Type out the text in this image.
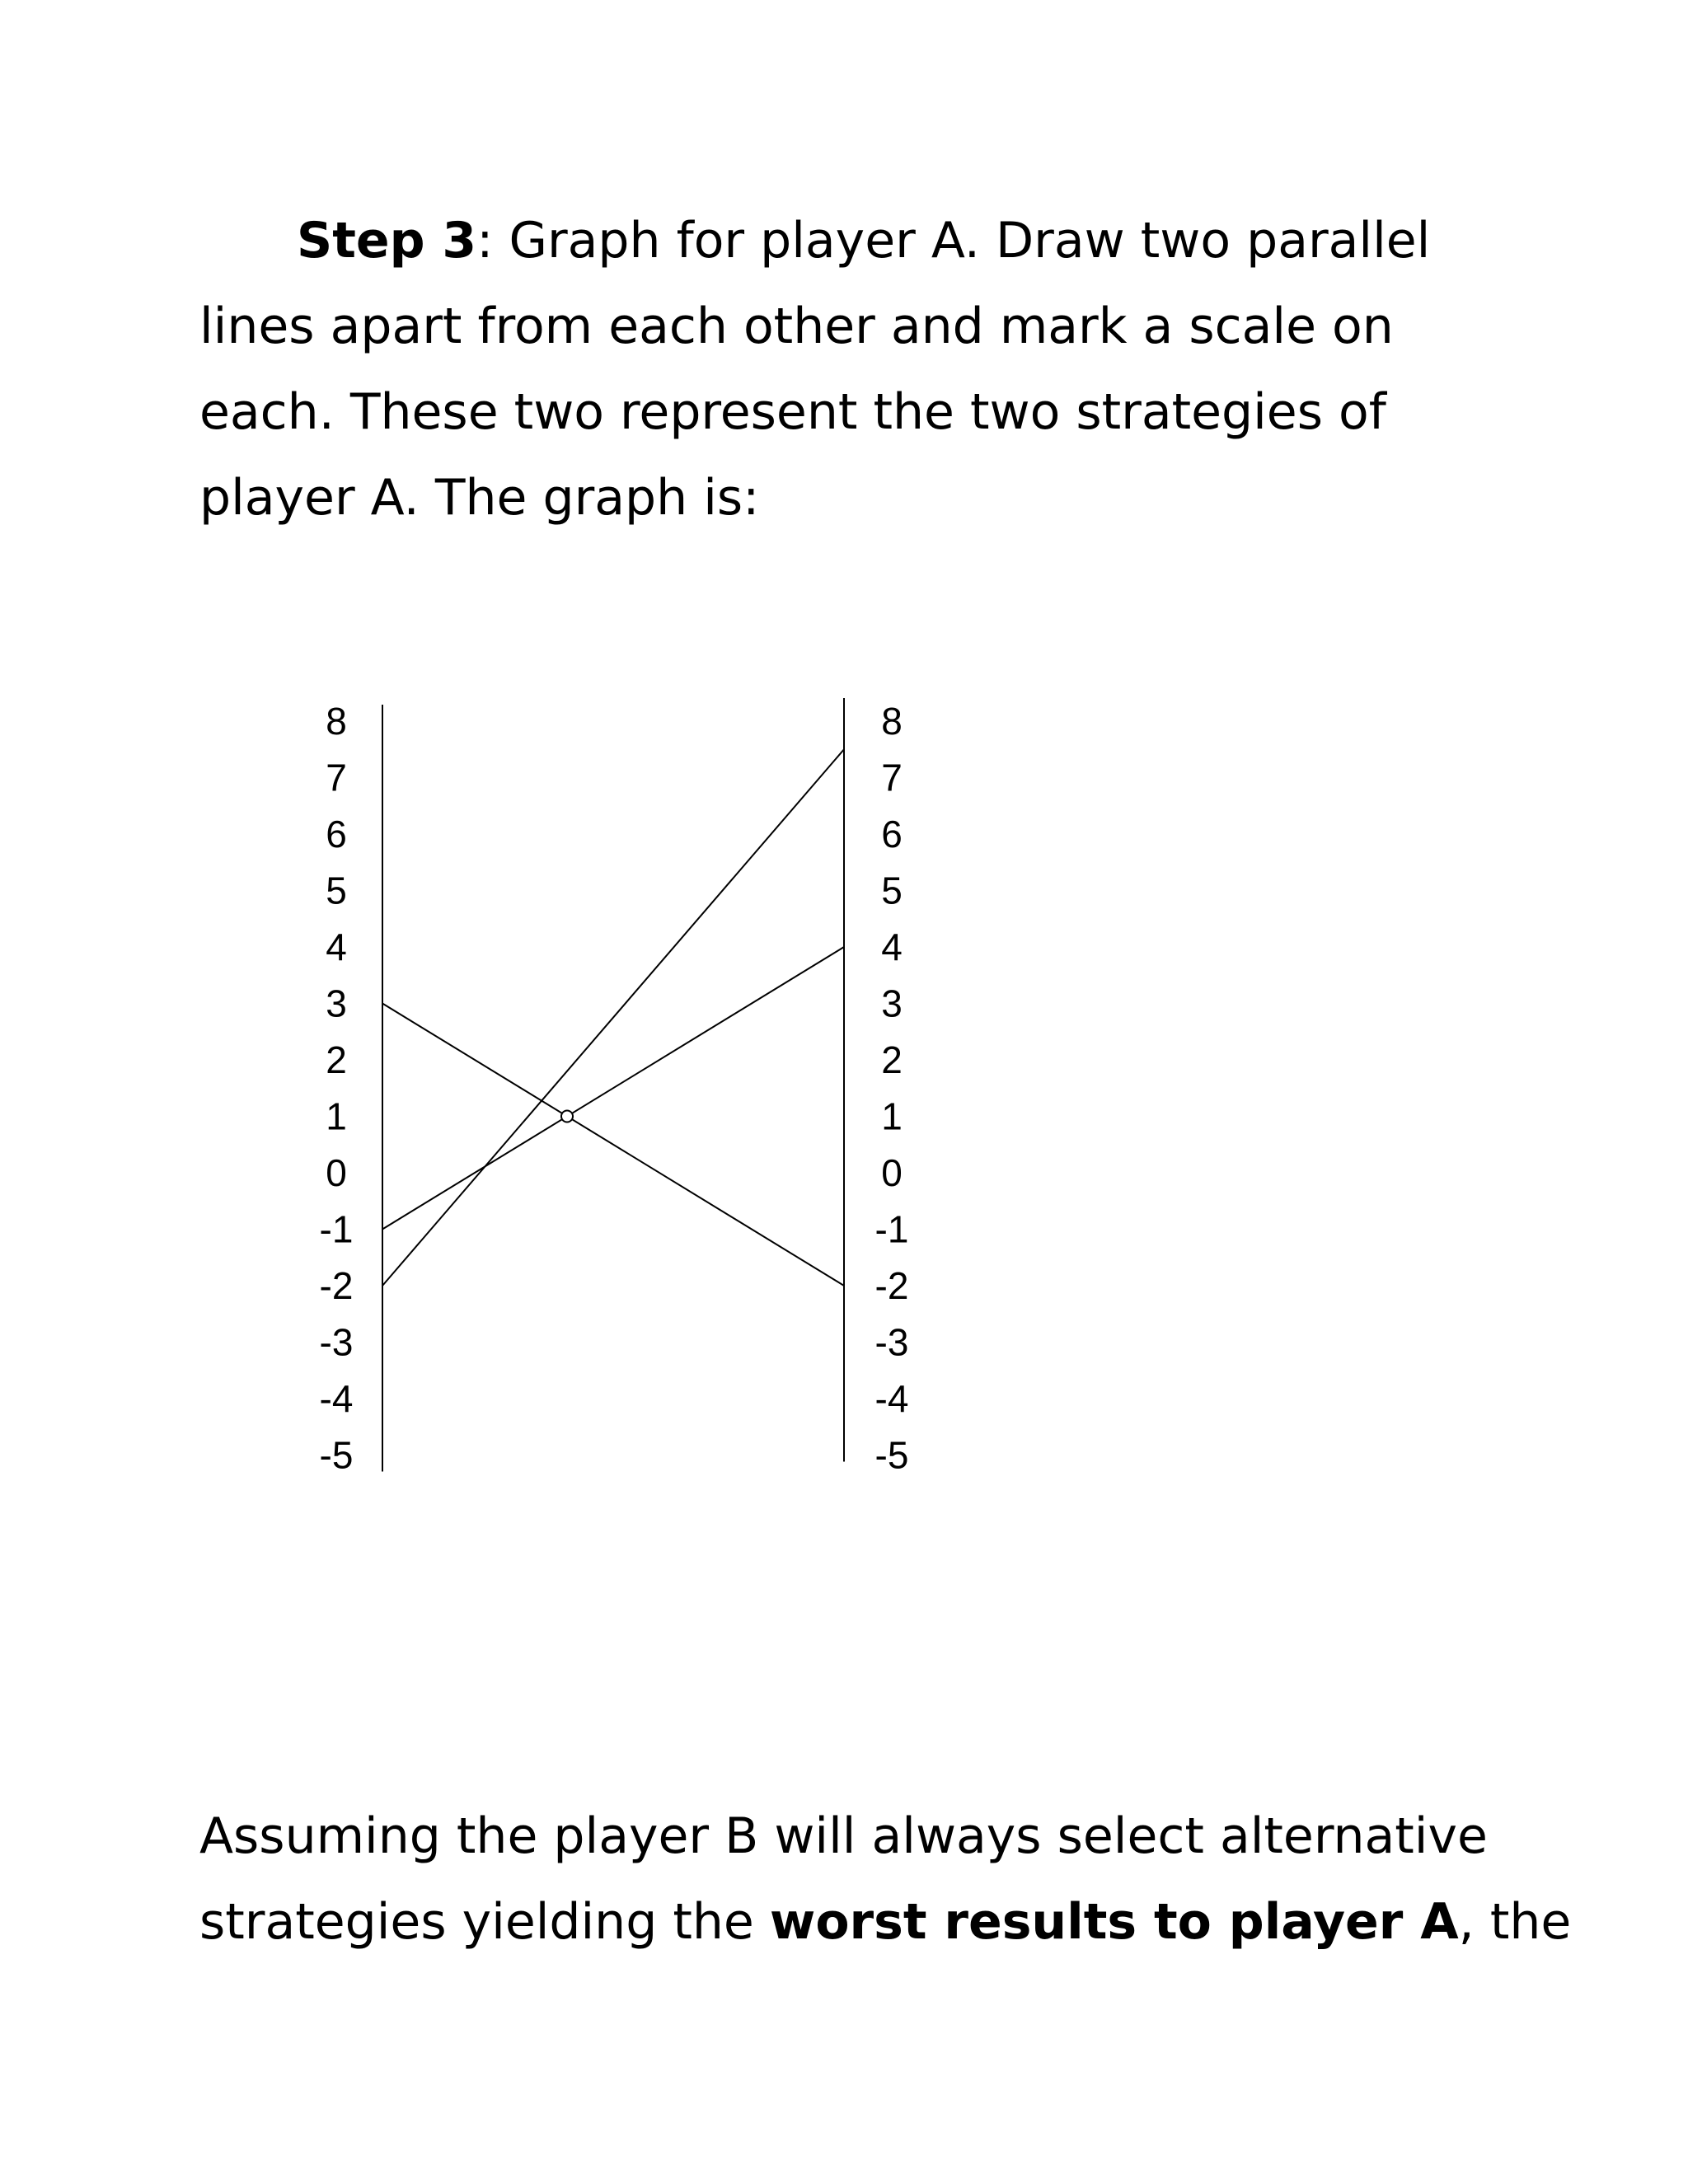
Step 3: Graph for player A. Draw two parallel
lines apart from each other and mark a scale on
each. These two represent the two strategies of
player A. The graph is:
8	8
7	7
6	6
5	5
4	4
3	3
2	2
1	1
0	0
-1	-1
-2	-2
-3	-3
-4	-4
-5	-5
Assuming the player B will always select alternative
strategies yielding the worst results to player A, the
